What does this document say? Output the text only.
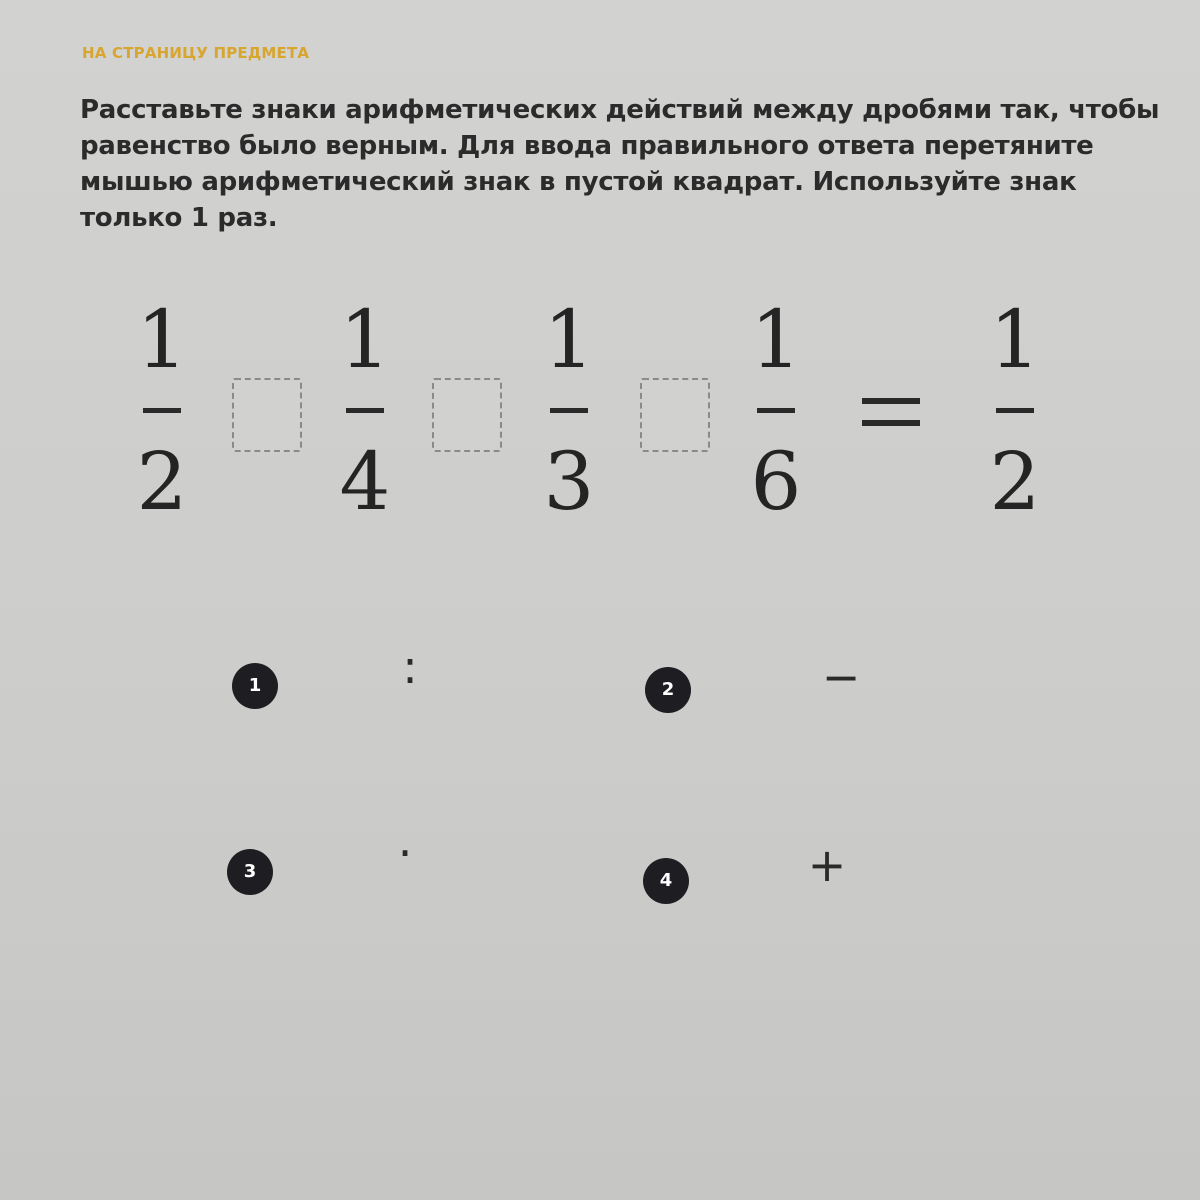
НА СТРАНИЦУ ПРЕДМЕТА

Расставьте знаки арифметических действий между дробями так, чтобы равенство было верным. Для ввода правильного ответа перетяните мышью арифметический знак в пустой квадрат. Используйте знак только 1 раз.

1
2
1
4
1
3
1
6
1
2
1	:	2	−
3	·
4	+
